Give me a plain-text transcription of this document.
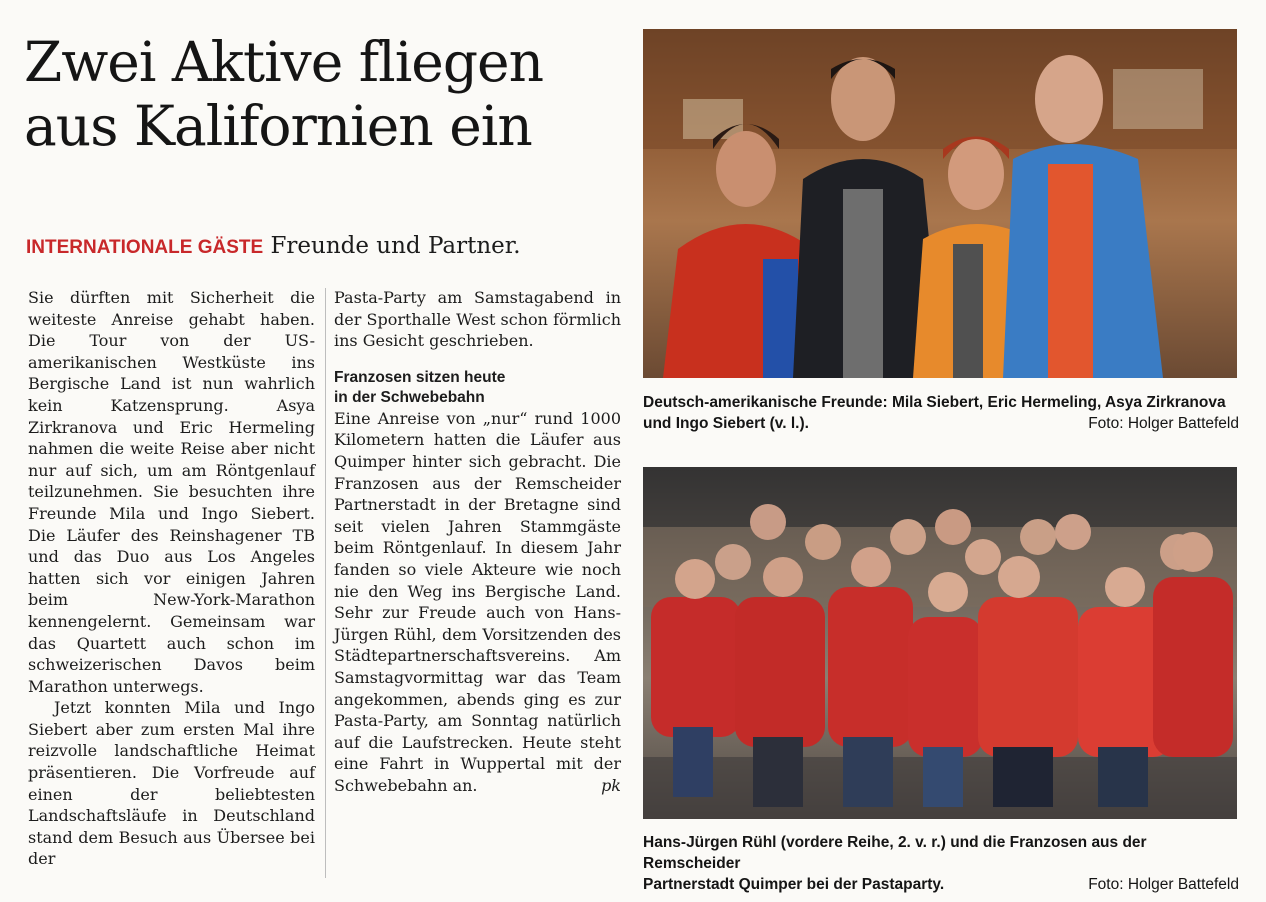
Zwei Aktive fliegen
aus Kalifornien ein
INTERNATIONALE GÄSTE Freunde und Partner.

Sie dürften mit Sicherheit die weiteste Anreise gehabt haben. Die Tour von der US-amerikanischen Westküste ins Bergische Land ist nun wahrlich kein Katzensprung. Asya Zirkranova und Eric Hermeling nahmen die weite Reise aber nicht nur auf sich, um am Röntgenlauf teilzunehmen. Sie besuchten ihre Freunde Mila und Ingo Siebert. Die Läufer des Reinshagener TB und das Duo aus Los Angeles hatten sich vor einigen Jahren beim New-York-Marathon kennengelernt. Gemeinsam war das Quartett auch schon im schweizerischen Davos beim Marathon unterwegs.

Jetzt konnten Mila und Ingo Siebert aber zum ersten Mal ihre reizvolle landschaftliche Heimat präsentieren. Die Vorfreude auf einen der beliebtesten Landschaftsläufe in Deutschland stand dem Besuch aus Übersee bei der

Pasta-Party am Samstagabend in der Sporthalle West schon förmlich ins Gesicht geschrieben.

Franzosen sitzen heute
in der Schwebebahn

Eine Anreise von „nur“ rund 1000 Kilometern hatten die Läufer aus Quimper hinter sich gebracht. Die Franzosen aus der Remscheider Partnerstadt in der Bretagne sind seit vielen Jahren Stammgäste beim Röntgenlauf. In diesem Jahr fanden so viele Akteure wie noch nie den Weg ins Bergische Land. Sehr zur Freude auch von Hans-Jürgen Rühl, dem Vorsitzenden des Städtepartnerschaftsvereins. Am Samstagvormittag war das Team angekommen, abends ging es zur Pasta-Party, am Sonntag natürlich auf die Laufstrecken. Heute steht eine Fahrt in Wuppertal mit der Schwebebahn an.	pk

Deutsch-amerikanische Freunde: Mila Siebert, Eric Hermeling, Asya Zirkranova
und Ingo Siebert (v. l.).	Foto: Holger Battefeld
Hans-Jürgen Rühl (vordere Reihe, 2. v. r.) und die Franzosen aus der Remscheider
Partnerstadt Quimper bei der Pastaparty.	Foto: Holger Battefeld
